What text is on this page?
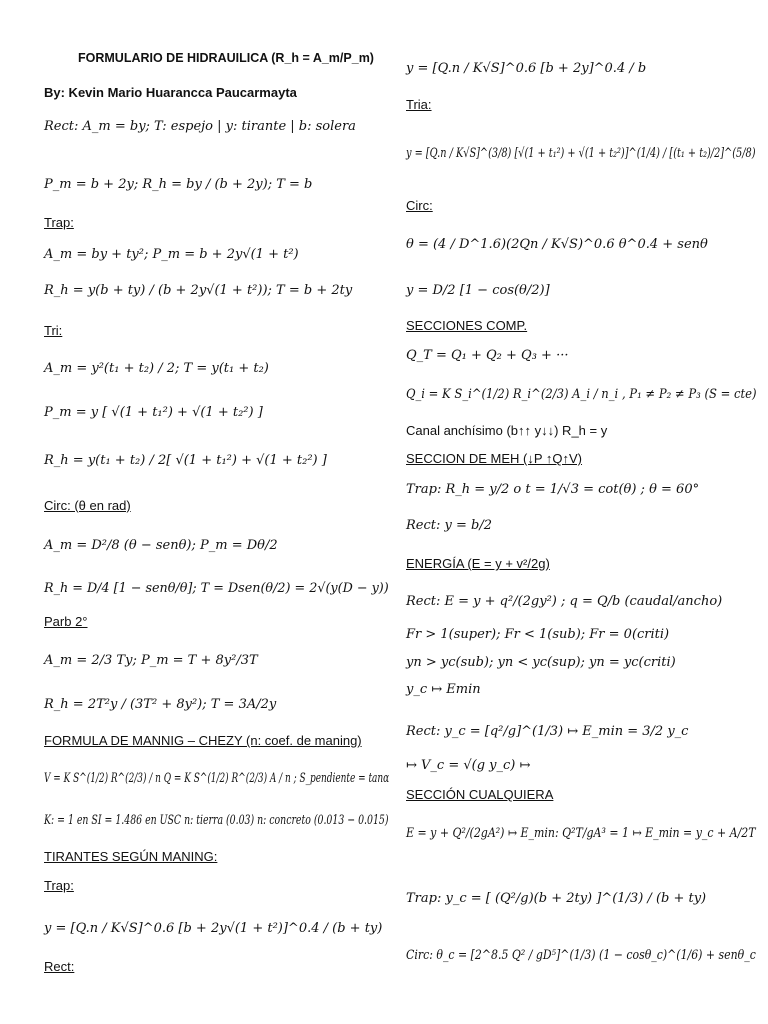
FORMULARIO DE HIDRAUILICA (R_h = A_m/P_m)
By: Kevin Mario Huarancca Paucarmayta
Rect: A_m = by; T: espejo | y: tirante | b: solera
P_m = b + 2y; R_h = by / (b + 2y); T = b
Trap:
A_m = by + ty²; P_m = b + 2y√(1 + t²)
R_h = y(b + ty) / (b + 2y√(1 + t²)); T = b + 2ty
Tri:
A_m = y²(t₁ + t₂) / 2; T = y(t₁ + t₂)
P_m = y [ √(1 + t₁²) + √(1 + t₂²) ]
R_h = y(t₁ + t₂) / 2[ √(1 + t₁²) + √(1 + t₂²) ]
Circ: (θ en rad)
A_m = D²/8 (θ − senθ); P_m = Dθ/2
R_h = D/4 [1 − senθ/θ]; T = Dsen(θ/2) = 2√(y(D − y))
Parb 2°
A_m = 2/3 Ty; P_m = T + 8y²/3T
R_h = 2T²y / (3T² + 8y²); T = 3A/2y
FORMULA DE MANNIG – CHEZY (n: coef. de maning)
V = K S^(1/2) R^(2/3) / n Q = K S^(1/2) R^(2/3) A / n ; S_pendiente = tanα
K: = 1 en SI = 1.486 en USC n: tierra (0.03) n: concreto (0.013 − 0.015)
TIRANTES SEGÚN MANING:
Trap:
y = [Q.n / K√S]^0.6 [b + 2y√(1 + t²)]^0.4 / (b + ty)
Rect:
y = [Q.n / K√S]^0.6 [b + 2y]^0.4 / b
Tria:
y = [Q.n / K√S]^(3/8) [√(1 + t₁²) + √(1 + t₂²)]^(1/4) / [(t₁ + t₂)/2]^(5/8)
Circ:
θ = (4 / D^1.6)(2Qn / K√S)^0.6 θ^0.4 + senθ
y = D/2 [1 − cos(θ/2)]
SECCIONES COMP.
Q_T = Q₁ + Q₂ + Q₃ + ···
Q_i = K S_i^(1/2) R_i^(2/3) A_i / n_i , P₁ ≠ P₂ ≠ P₃ (S = cte)
Canal anchísimo (b↑↑ y↓↓) R_h = y
SECCION DE MEH (↓P ↑Q↑V)
Trap: R_h = y/2 o t = 1/√3 = cot(θ) ; θ = 60°
Rect: y = b/2
ENERGÍA (E = y + v²/2g)
Rect: E = y + q²/(2gy²) ; q = Q/b (caudal/ancho)
Fr > 1(super); Fr < 1(sub); Fr = 0(criti)
yn > yc(sub); yn < yc(sup); yn = yc(criti)
y_c ↦ Emin
Rect: y_c = [q²/g]^(1/3) ↦ E_min = 3/2 y_c
↦ V_c = √(g y_c) ↦
SECCIÓN CUALQUIERA
E = y + Q²/(2gA²) ↦ E_min: Q²T/gA³ = 1 ↦ E_min = y_c + A/2T
Trap: y_c = [ (Q²/g)(b + 2ty) ]^(1/3) / (b + ty)
Circ: θ_c = [2^8.5 Q² / gD⁵]^(1/3) (1 − cosθ_c)^(1/6) + senθ_c
